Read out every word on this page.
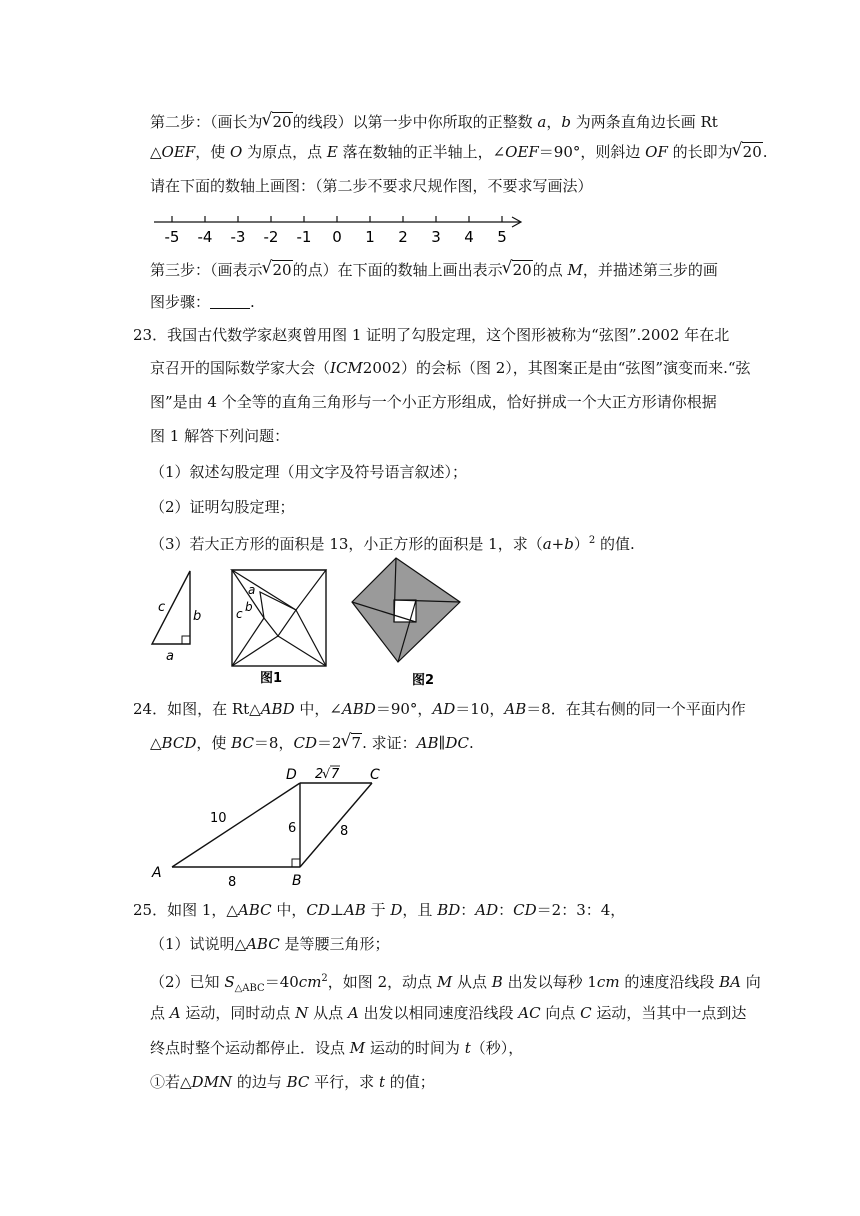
第二步：（画长为 √ 20的线段）以第一步中你所取的正整数 a，b 为两条直角边长画 Rt
△OEF，使 O 为原点，点 E 落在数轴的正半轴上，∠OEF＝90°，则斜边 OF 的长即为 √ 20.
请在下面的数轴上画图：（第二步不要求尺规作图，不要求写画法）
-5 -4 -3 -2 -1 0 1 2 3 4 5
第三步：（画表示 √ 20的点）在下面的数轴上画出表示 √ 20的点 M，并描述第三步的画
图步骤：	.
23．我国古代数学家赵爽曾用图 1 证明了勾股定理，这个图形被称为“弦图”.2002 年在北
京召开的国际数学家大会（ICM2002）的会标（图 2），其图案正是由“弦图”演变而来.“弦
图”是由 4 个全等的直角三角形与一个小正方形组成，恰好拼成一个大正方形请你根据
图 1 解答下列问题：
（1）叙述勾股定理（用文字及符号语言叙述）；
（2）证明勾股定理；
（3）若大正方形的面积是 13，小正方形的面积是 1，求$(a+b)^2$ 的值.
c
b
a
c
a
b
图1	图2
24．如图，在 Rt△ABD 中，∠ABD＝90°，AD＝10，AB＝8．在其右侧的同一个平面内作
△BCD，使 BC＝8，CD＝2 √ 7. 求证：AB∥DC.
D	C
A	B
2
√ 7
10
6	8
8
25．如图 1，△ABC 中，CD⊥AB 于 D，且 BD：AD：CD＝2：3：4，
（1）试说明△ABC 是等腰三角形；
（2）已知 $S_{\triangle ABC}=40cm^2$，如图 2，动点 M 从点 B 出发以每秒 1cm 的速度沿线段 BA 向
点 A 运动，同时动点 N 从点 A 出发以相同速度沿线段 AC 向点 C 运动，当其中一点到达
终点时整个运动都停止．设点 M 运动的时间为 t（秒），
①若△DMN 的边与 BC 平行，求 t 的值；
